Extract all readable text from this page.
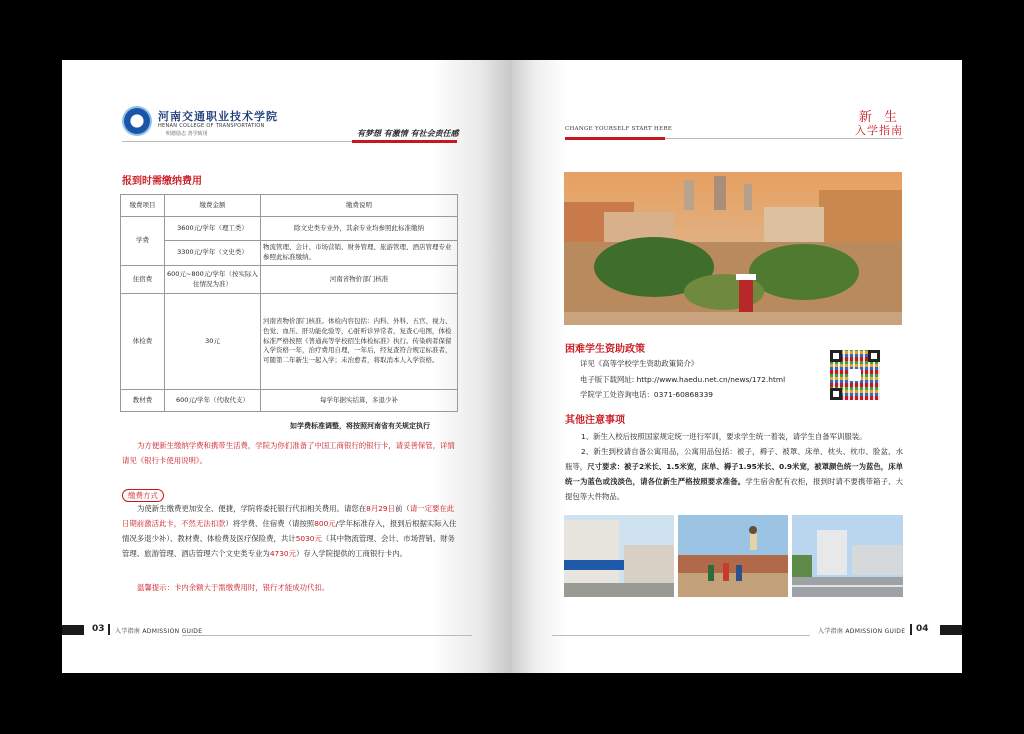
河南交通职业技术学院
HENAN COLLEGE OF TRANSPORTATION
明德励志 善学致用	有梦想 有激情 有社会责任感
报到时需缴纳费用
缴费项目	缴费金额	缴费说明
学费	3600元/学年（理工类）	除文史类专业外，其余专业均参照此标准缴纳
	3300元/学年（文史类）	物流管理、会计、市场营销、财务管理、旅游管理、酒店管理专业参照此标准缴纳。
住宿费	600元~800元/学年（按实际入住情况为准）	河南省物价部门核准
体检费	30元	河南省物价部门核准。体检内容包括：内科、外科、五官、视力、色觉、血压、肝功能化验等，心脏听诊异常者，复查心电图，体检标准严格按照《普通高等学校招生体检标准》执行。传染病者保留入学资格一年，治疗费用自理，一年后，经复查符合规定标准者，可随第二年新生一起入学；未治愈者，将取消本人入学资格。
教材费	600元/学年（代收代支）	每学年据实结算，多退少补
如学费标准调整，将按照河南省有关规定执行
为方便新生缴纳学费和携带生活费，学院为你们准备了中国工商银行的银行卡，请妥善保管，详情请见《银行卡使用说明》。
缴费方式
为使新生缴费更加安全、便捷，学院将委托银行代扣相关费用。请您在8月29日前（请一定要在此日期前激活此卡，不然无法扣款）将学费、住宿费（请按照800元/学年标准存入，报到后根据实际入住情况多退少补）、教材费、体检费及医疗保险费，共计5030元（其中物流管理、会计、市场营销、财务管理、旅游管理、酒店管理六个文史类专业为4730元）存入学院提供的工商银行卡内。
温馨提示：卡内余额大于需缴费用时，银行才能成功代扣。
03 入学指南 ADMISSION GUIDE
CHANGE YOURSELF START HERE
新 生
入学指南
困难学生资助政策
详见《高等学校学生资助政策简介》
电子版下载网址: http://www.haedu.net.cn/news/172.html
学院学工处咨询电话：0371-60868339
其他注意事项
1、新生入校后按照国家规定统一进行军训，要求学生统一着装，请学生自备军训服装。
2、新生到校请自备公寓用品，公寓用品包括：被子，褥子、被罩、床单、枕头、枕巾、脸盆、水瓶等，尺寸要求：被子2米长、1.5米宽，床单、褥子1.95米长、0.9米宽，被罩颜色统一为蓝色，床单统一为蓝色或浅淡色，请各位新生严格按照要求准备。学生宿舍配有衣柜，报到时请不要携带箱子、大提包等大件物品。
入学指南 ADMISSION GUIDE 04
